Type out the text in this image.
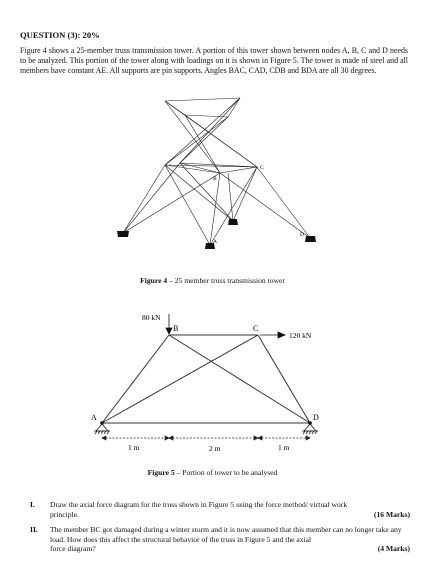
QUESTION (3): 20%
Figure 4 shows a 25-member truss transmission tower. A portion of this tower shown between nodes A, B, C and D needs to be analyzed. This portion of the tower along with loadings on it is shown in Figure 5. The tower is made of steel and all members have constant AE. All supports are pin supports. Angles BAC, CAD, CDB and BDA are all 30 degrees.
A
B
C
D
Figure 4 – 25 member truss transmission tower
80 kN
120 kN
B	C
A	D
1 m	2 m	1 m
Figure 5 – Portion of tower to be analysed
I.	Draw the axial force diagram for the truss shown in Figure 5 using the force method/ virtual work
principle.	(16 Marks)
II.	The member BC got damaged during a winter storm and it is now assumed that this member can no longer take any load. How does this affect the structural behavior of the truss in Figure 5 and the axial
force diagram?	(4 Marks)
